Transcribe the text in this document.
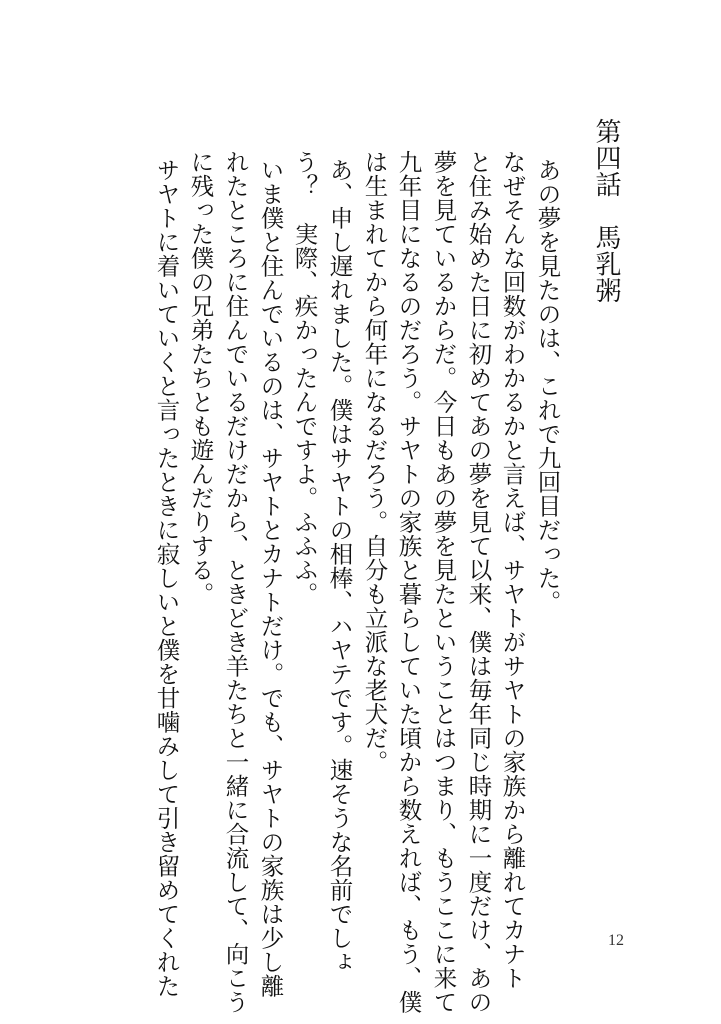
第四話　馬乳粥
あの夢を見たのは、これで九回目だった。
なぜそんな回数がわかるかと言えば、サヤトがサヤトの家族から離れてカナト
と住み始めた日に初めてあの夢を見て以来、僕は毎年同じ時期に一度だけ、あの
夢を見ているからだ。今日もあの夢を見たということはつまり、もうここに来て
九年目になるのだろう。サヤトの家族と暮らしていた頃から数えれば、もう、僕
は生まれてから何年になるだろう。自分も立派な老犬だ。
あ、申し遅れました。僕はサヤトの相棒、ハヤテです。速そうな名前でしょ
う？　実際、疾かったんですよ。ふふふ。
いま僕と住んでいるのは、サヤトとカナトだけ。でも、サヤトの家族は少し離
れたところに住んでいるだけだから、ときどき羊たちと一緒に合流して、向こう
に残った僕の兄弟たちとも遊んだりする。
サヤトに着いていくと言ったときに寂しいと僕を甘噛みして引き留めてくれた	12
